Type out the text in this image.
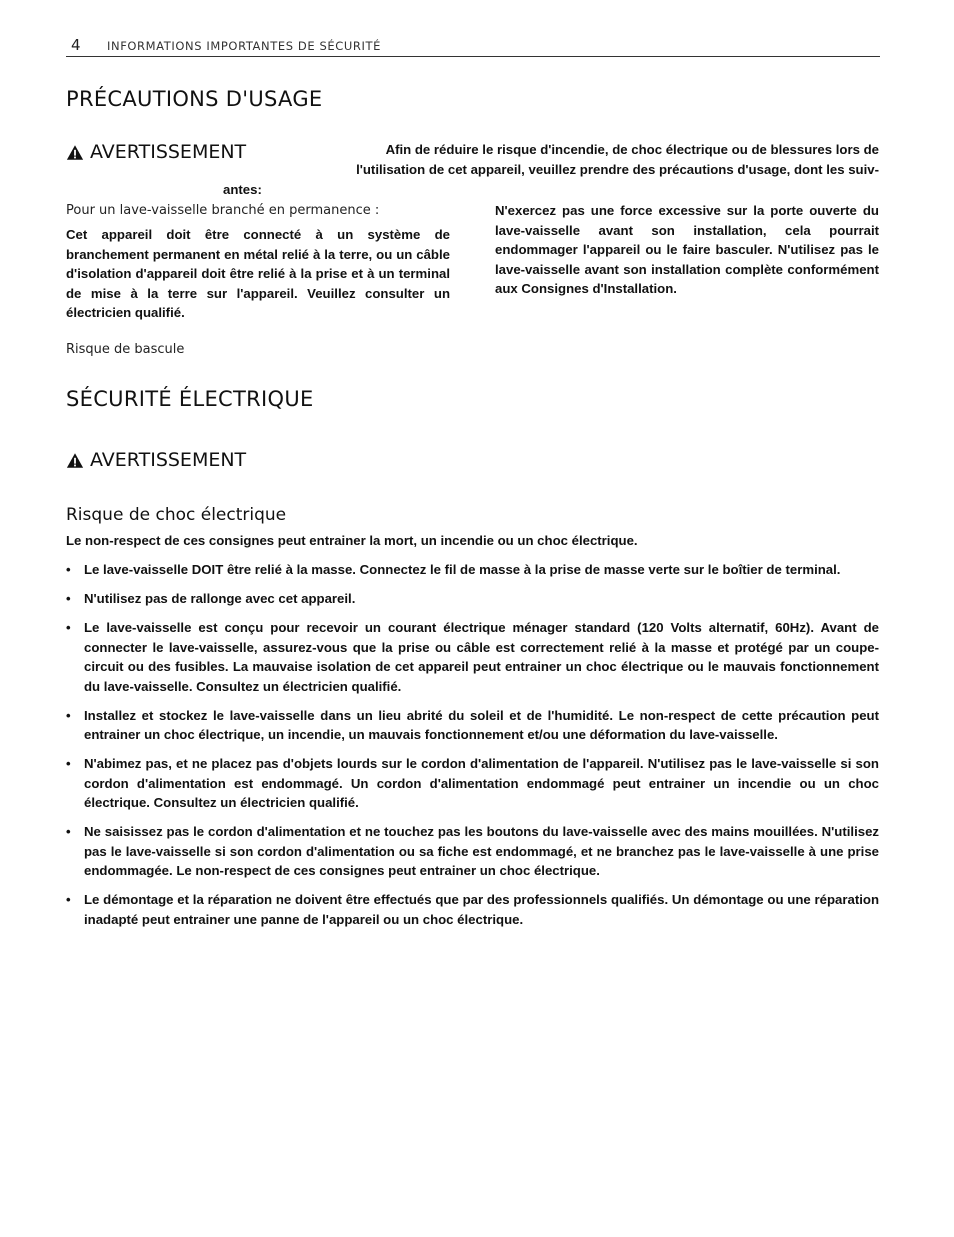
4 INFORMATIONS IMPORTANTES DE SÉCURITÉ
PRÉCAUTIONS D'USAGE
AVERTISSEMENT	Afin de réduire le risque d'incendie, de choc électrique ou de blessures lors de
l'utilisation de cet appareil, veuillez prendre des précautions d'usage, dont les suiv-
antes:
Pour un lave-vaisselle branché en permanence :
Cet appareil doit être connecté à un système de branchement permanent en métal relié à la terre, ou un câble d'isolation d'appareil doit être relié à la prise et à un terminal de mise à la terre sur l'appareil. Veuillez consulter un électricien qualifié.
Risque de bascule
N'exercez pas une force excessive sur la porte ouverte du lave-vaisselle avant son installation, cela pourrait endommager l'appareil ou le faire basculer. N'utilisez pas le lave-vaisselle avant son installation complète conformément aux Consignes d'Installation.
SÉCURITÉ ÉLECTRIQUE
AVERTISSEMENT
Risque de choc électrique
Le non-respect de ces consignes peut entrainer la mort, un incendie ou un choc électrique.
• Le lave-vaisselle DOIT être relié à la masse. Connectez le fil de masse à la prise de masse verte sur le boîtier de terminal.
• N'utilisez pas de rallonge avec cet appareil.
• Le lave-vaisselle est conçu pour recevoir un courant électrique ménager standard (120 Volts alternatif, 60Hz). Avant de connecter le lave-vaisselle, assurez-vous que la prise ou câble est correctement relié à la masse et protégé par un coupe-circuit ou des fusibles. La mauvaise isolation de cet appareil peut entrainer un choc électrique ou le mauvais fonctionnement du lave-vaisselle. Consultez un électricien qualifié.
• Installez et stockez le lave-vaisselle dans un lieu abrité du soleil et de l'humidité. Le non-respect de cette précaution peut entrainer un choc électrique, un incendie, un mauvais fonctionnement et/ou une déformation du lave-vaisselle.
• N'abimez pas, et ne placez pas d'objets lourds sur le cordon d'alimentation de l'appareil. N'utilisez pas le lave-vaisselle si son cordon d'alimentation est endommagé. Un cordon d'alimentation endommagé peut entrainer un incendie ou un choc électrique. Consultez un électricien qualifié.
• Ne saisissez pas le cordon d'alimentation et ne touchez pas les boutons du lave-vaisselle avec des mains mouillées. N'utilisez pas le lave-vaisselle si son cordon d'alimentation ou sa fiche est endommagé, et ne branchez pas le lave-vaisselle à une prise endommagée. Le non-respect de ces consignes peut entrainer un choc électrique.
• Le démontage et la réparation ne doivent être effectués que par des professionnels qualifiés. Un démontage ou une réparation inadapté peut entrainer une panne de l'appareil ou un choc électrique.
